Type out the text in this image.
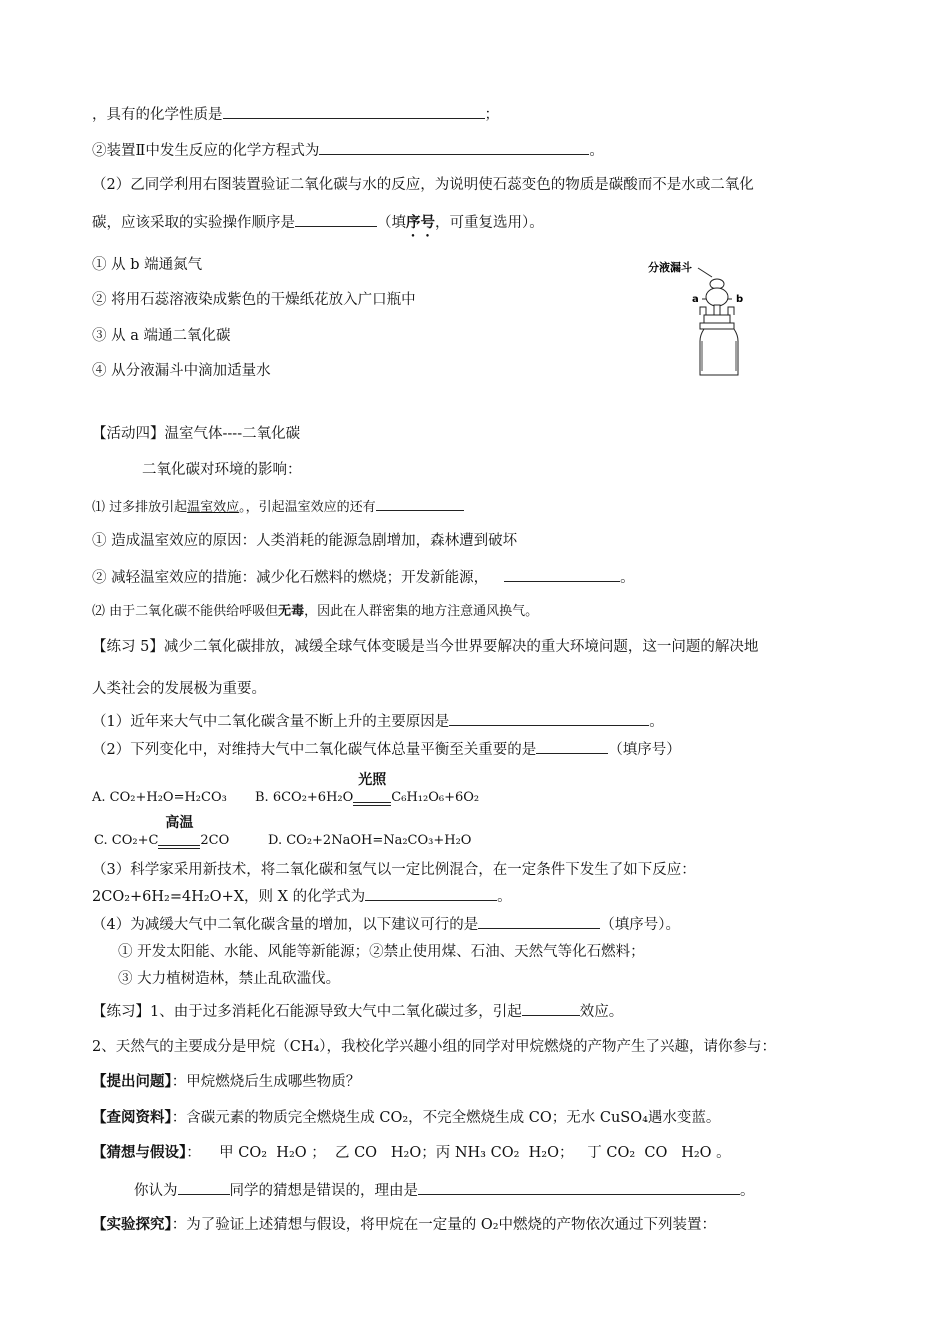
，具有的化学性质是	；
②装置Ⅱ中发生反应的化学方程式为	。
（2）乙同学利用右图装置验证二氧化碳与水的反应，为说明使石蕊变色的物质是碳酸而不是水或二氧化
碳，应该采取的实验操作顺序是	（填序号，可重复选用）。
① 从 b 端通氮气
② 将用石蕊溶液染成紫色的干燥纸花放入广口瓶中
③ 从 a 端通二氧化碳
④ 从分液漏斗中滴加适量水
分液漏斗
a	b
【活动四】温室气体----二氧化碳
二氧化碳对环境的影响：
⑴ 过多排放引起温室效应。，引起温室效应的还有
① 造成温室效应的原因：人类消耗的能源急剧增加，森林遭到破坏
② 减轻温室效应的措施：减少化石燃料的燃烧；开发新能源，	。
⑵ 由于二氧化碳不能供给呼吸但无毒，因此在人群密集的地方注意通风换气。
【练习 5】减少二氧化碳排放，减缓全球气体变暖是当今世界要解决的重大环境问题，这一问题的解决地
人类社会的发展极为重要。
（1）近年来大气中二氧化碳含量不断上升的主要原因是	。
（2）下列变化中，对维持大气中二氧化碳气体总量平衡至关重要的是	（填序号）
A. CO₂+H₂O=H₂CO₃ B. 6CO₂+6H₂O
光照

C₆H₁₂O₆+6O₂
C. CO₂+C
高温

2CO	D. CO₂+2NaOH=Na₂CO₃+H₂O
（3）科学家采用新技术，将二氧化碳和氢气以一定比例混合，在一定条件下发生了如下反应：
2CO₂+6H₂=4H₂O+X，则 X 的化学式为	。
（4）为减缓大气中二氧化碳含量的增加，以下建议可行的是	（填序号）。
① 开发太阳能、水能、风能等新能源；②禁止使用煤、石油、天然气等化石燃料；
③ 大力植树造林，禁止乱砍滥伐。
【练习】1、由于过多消耗化石能源导致大气中二氧化碳过多，引起	效应。
2、天然气的主要成分是甲烷（CH₄），我校化学兴趣小组的同学对甲烷燃烧的产物产生了兴趣，请你参与：
【提出问题】：甲烷燃烧后生成哪些物质？
【查阅资料】：含碳元素的物质完全燃烧生成 CO₂，不完全燃烧生成 CO；无水 CuSO₄遇水变蓝。
【猜想与假设】：    甲 CO₂  H₂O ；  乙 CO   H₂O；丙 NH₃ CO₂  H₂O；   丁 CO₂  CO   H₂O 。
你认为	同学的猜想是错误的，理由是	。
【实验探究】：为了验证上述猜想与假设，将甲烷在一定量的 O₂中燃烧的产物依次通过下列装置：
